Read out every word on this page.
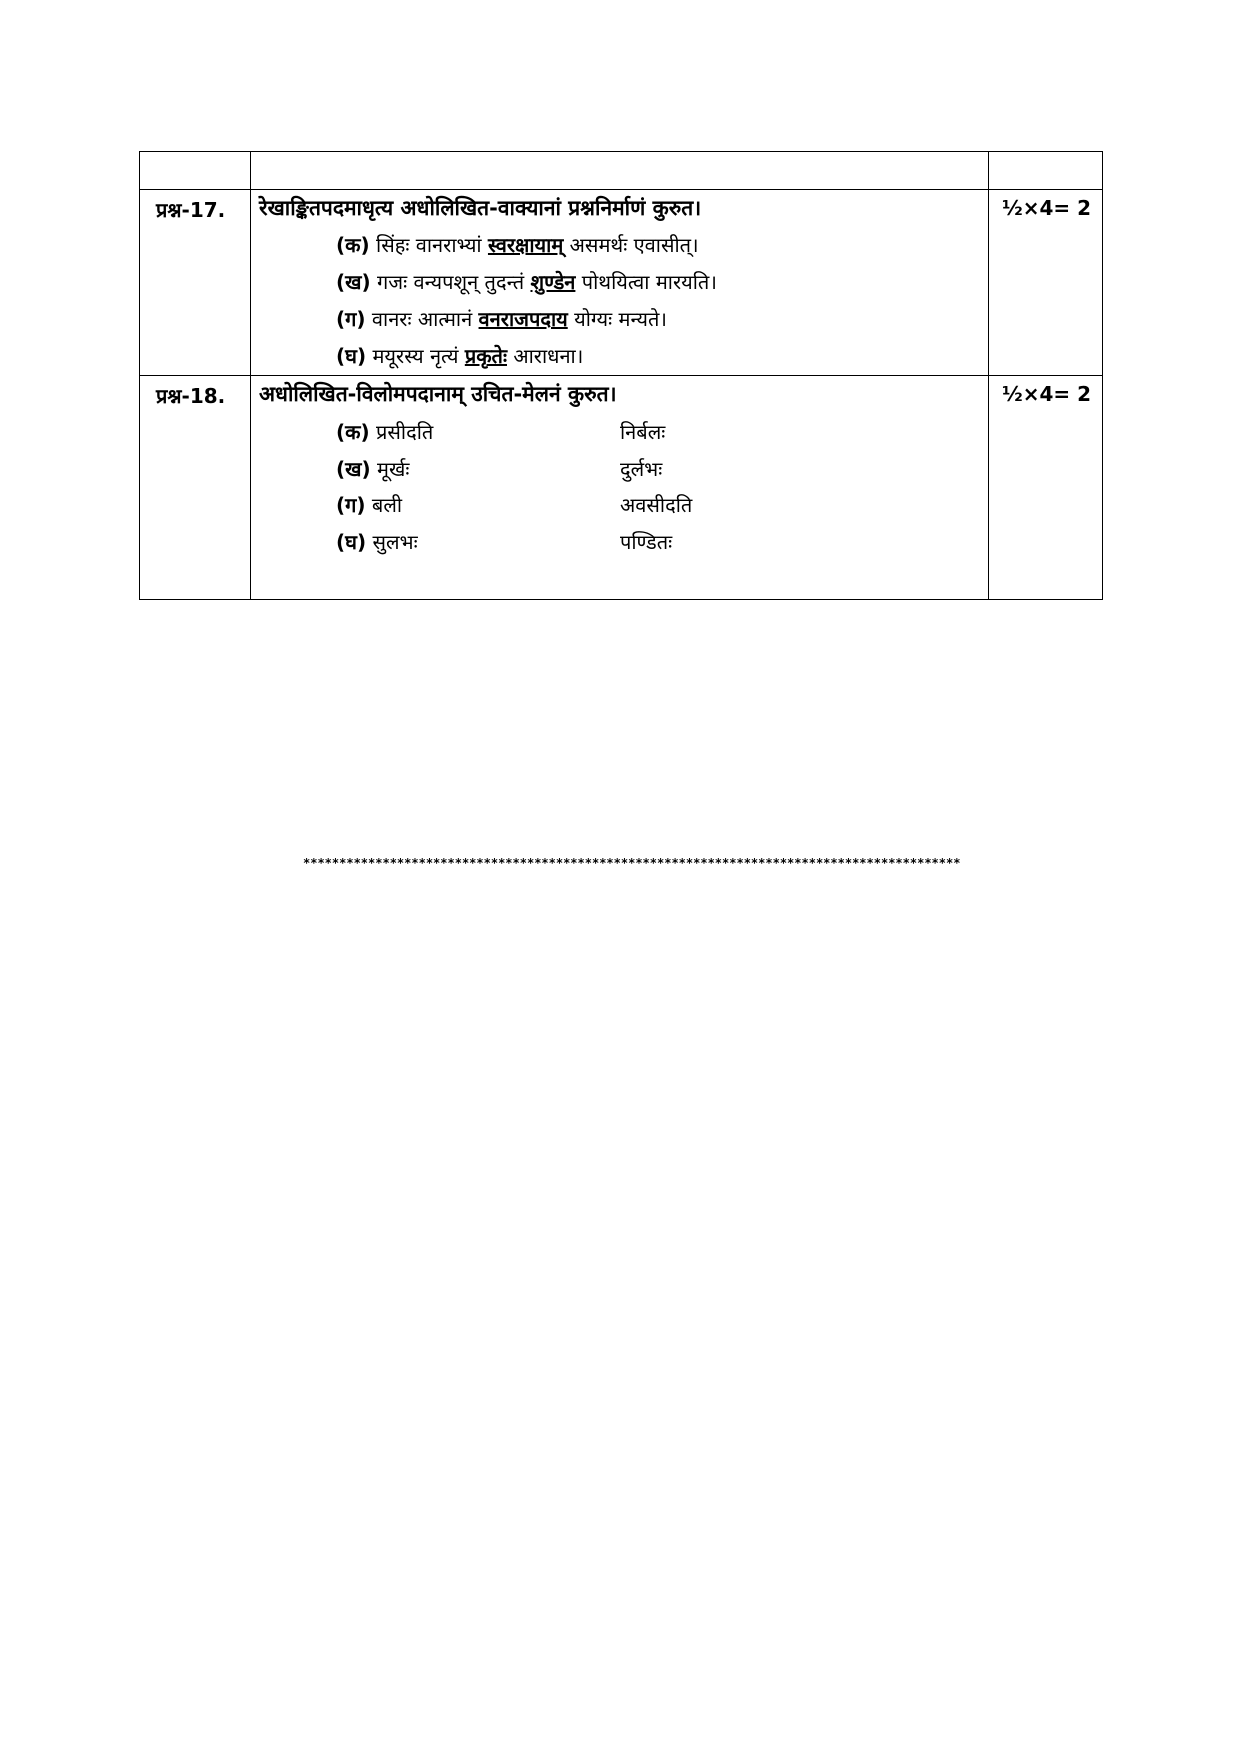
प्रश्न-17. रेखाङ्कितपदमाधृत्य अधोलिखित-वाक्यानां प्रश्ननिर्माणं कुरुत।	½×4= 2
(क) सिंहः वानराभ्यां स्वरक्षायाम् असमर्थः एवासीत्।
(ख) गजः वन्यपशून् तुदन्तं शुण्डेन पोथयित्वा मारयति।
(ग) वानरः आत्मानं वनराजपदाय योग्यः मन्यते।
(घ) मयूरस्य नृत्यं प्रकृतेः आराधना।
प्रश्न-18. अधोलिखित-विलोमपदानाम् उचित-मेलनं कुरुत।	½×4= 2
(क) प्रसीदति	निर्बलः
(ख) मूर्खः	दुर्लभः
(ग) बली	अवसीदति
(घ) सुलभः	पण्डितः
*******************************************************************************************
